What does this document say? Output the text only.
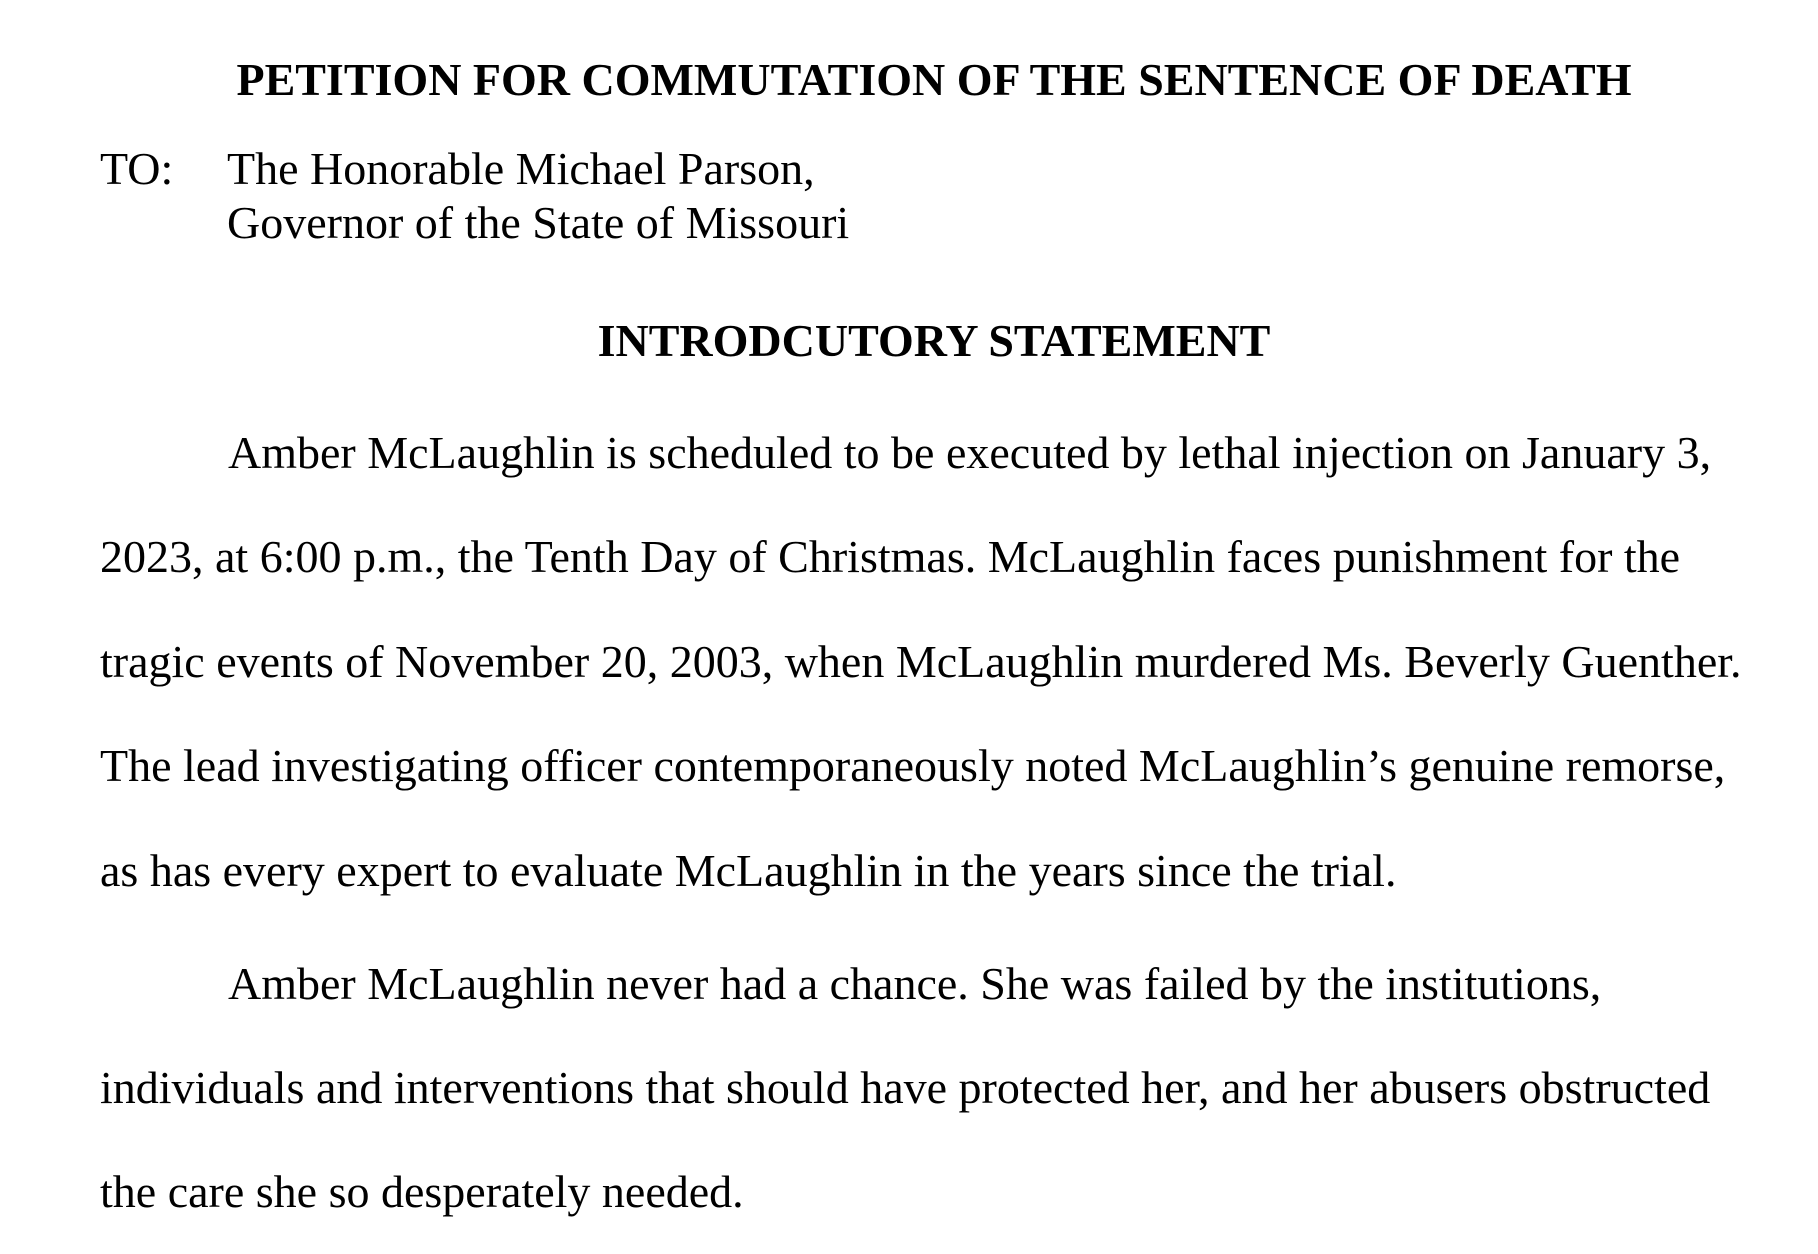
PETITION FOR COMMUTATION OF THE SENTENCE OF DEATH
TO: The Honorable Michael Parson,
Governor of the State of Missouri
INTRODCUTORY STATEMENT
Amber McLaughlin is scheduled to be executed by lethal injection on January 3,
2023, at 6:00 p.m., the Tenth Day of Christmas. McLaughlin faces punishment for the
tragic events of November 20, 2003, when McLaughlin murdered Ms. Beverly Guenther.
The lead investigating officer contemporaneously noted McLaughlin’s genuine remorse,
as has every expert to evaluate McLaughlin in the years since the trial.
Amber McLaughlin never had a chance. She was failed by the institutions,
individuals and interventions that should have protected her, and her abusers obstructed
the care she so desperately needed.
